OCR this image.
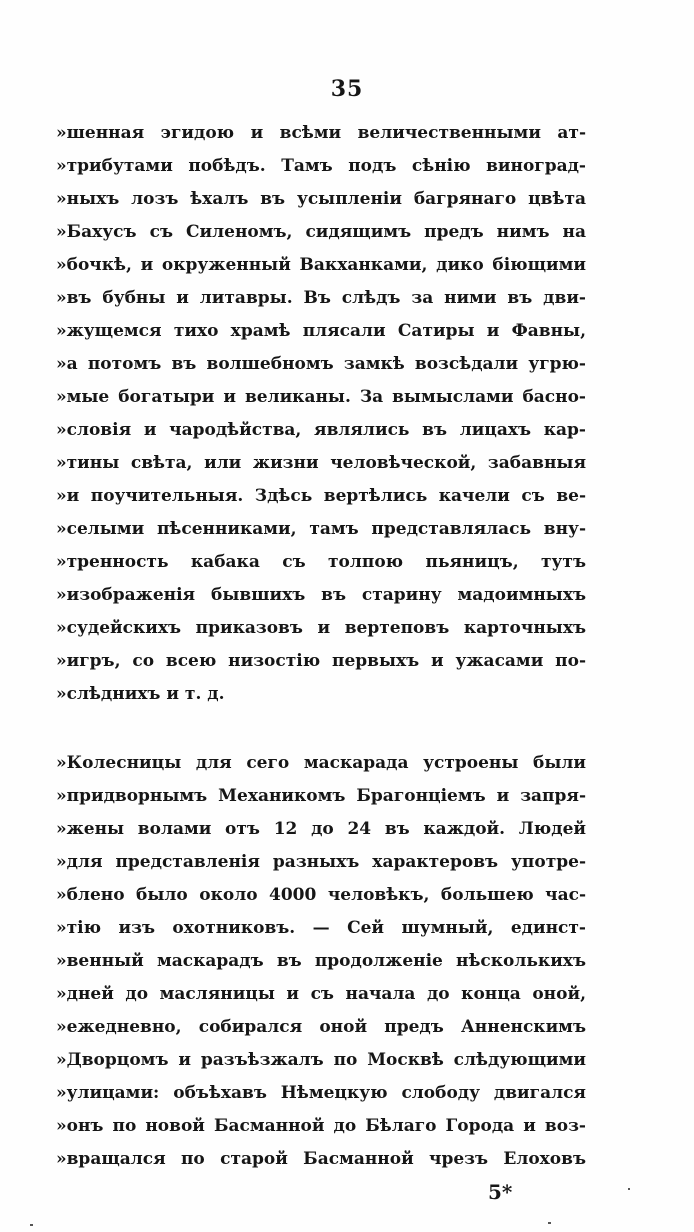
35
»шенная эгидою и всѣми величественными ат-
»трибутами побѣдъ. Тамъ подъ сѣнію виноград-
»ныхъ лозъ ѣхалъ въ усыпленіи багрянаго цвѣта
»Бахусъ съ Силеномъ, сидящимъ предъ нимъ на
»бочкѣ, и окруженный Вакханками, дико біющими
»въ бубны и литавры. Въ слѣдъ за ними въ дви-
»жущемся тихо храмѣ плясали Сатиры и Фавны,
»а потомъ въ волшебномъ замкѣ возсѣдали угрю-
»мые богатыри и великаны. За вымыслами басно-
»словія и чародѣйства, являлись въ лицахъ кар-
»тины свѣта, или жизни человѣческой, забавныя
»и поучительныя. Здѣсь вертѣлись качели съ ве-
»селыми пѣсенниками, тамъ представлялась вну-
»тренность кабака съ толпою пьяницъ, тутъ
»изображенія бывшихъ въ старину мадоимныхъ
»судейскихъ приказовъ и вертеповъ карточныхъ
»игръ, со всею низостію первыхъ и ужасами по-
»слѣднихъ и т. д.
»Колесницы для сего маскарада устроены были
»придворнымъ Механикомъ Брагонціемъ и запря-
»жены волами отъ 12 до 24 въ каждой. Людей
»для представленія разныхъ характеровъ употре-
»блено было около 4000 человѣкъ, большею час-
»тію изъ охотниковъ. — Сей шумный, единст-
»венный маскарадъ въ продолженіе нѣсколькихъ
»дней до масляницы и съ начала до конца оной,
»ежедневно, собирался оной предъ Анненскимъ
»Дворцомъ и разъѣзжалъ по Москвѣ слѣдующими
»улицами: объѣхавъ Нѣмецкую слободу двигался
»онъ по новой Басманной до Бѣлаго Города и воз-
»вращался по старой Басманной чрезъ Елоховъ
5*
